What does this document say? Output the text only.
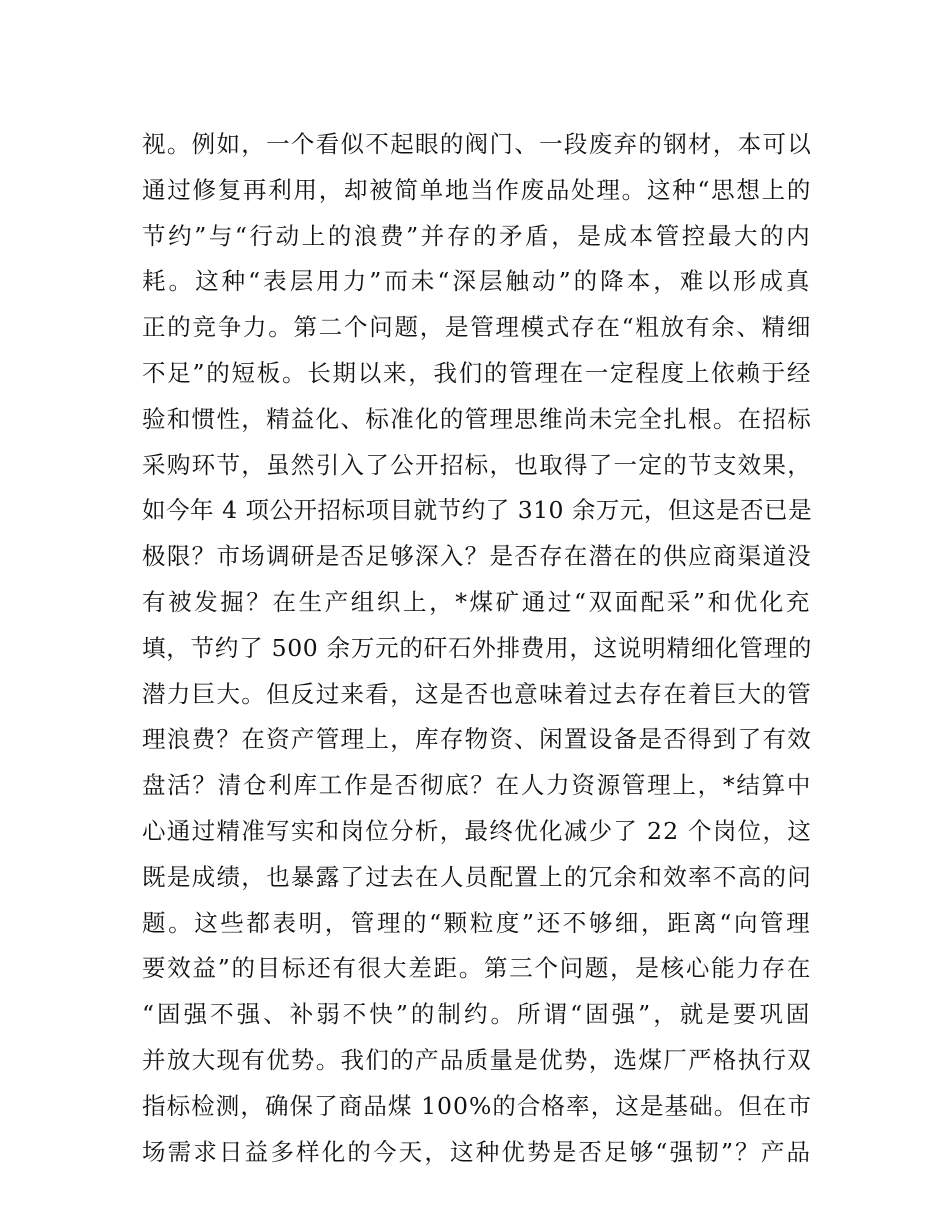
视。例如，一个看似不起眼的阀门、一段废弃的钢材，本可以
通过修复再利用，却被简单地当作废品处理。这种“思想上的
节约”与“行动上的浪费”并存的矛盾，是成本管控最大的内
耗。这种“表层用力”而未“深层触动”的降本，难以形成真
正的竞争力。第二个问题，是管理模式存在“粗放有余、精细
不足”的短板。长期以来，我们的管理在一定程度上依赖于经
验和惯性，精益化、标准化的管理思维尚未完全扎根。在招标
采购环节，虽然引入了公开招标，也取得了一定的节支效果，
如今年 4 项公开招标项目就节约了 310 余万元，但这是否已是
极限？市场调研是否足够深入？是否存在潜在的供应商渠道没
有被发掘？在生产组织上，*煤矿通过“双面配采”和优化充
填，节约了 500 余万元的矸石外排费用，这说明精细化管理的
潜力巨大。但反过来看，这是否也意味着过去存在着巨大的管
理浪费？在资产管理上，库存物资、闲置设备是否得到了有效
盘活？清仓利库工作是否彻底？在人力资源管理上，*结算中
心通过精准写实和岗位分析，最终优化减少了 22 个岗位，这
既是成绩，也暴露了过去在人员配置上的冗余和效率不高的问
题。这些都表明，管理的“颗粒度”还不够细，距离“向管理
要效益”的目标还有很大差距。第三个问题，是核心能力存在
“固强不强、补弱不快”的制约。所谓“固强”，就是要巩固
并放大现有优势。我们的产品质量是优势，选煤厂严格执行双
指标检测，确保了商品煤 100%的合格率，这是基础。但在市
场需求日益多样化的今天，这种优势是否足够“强韧”？产品
